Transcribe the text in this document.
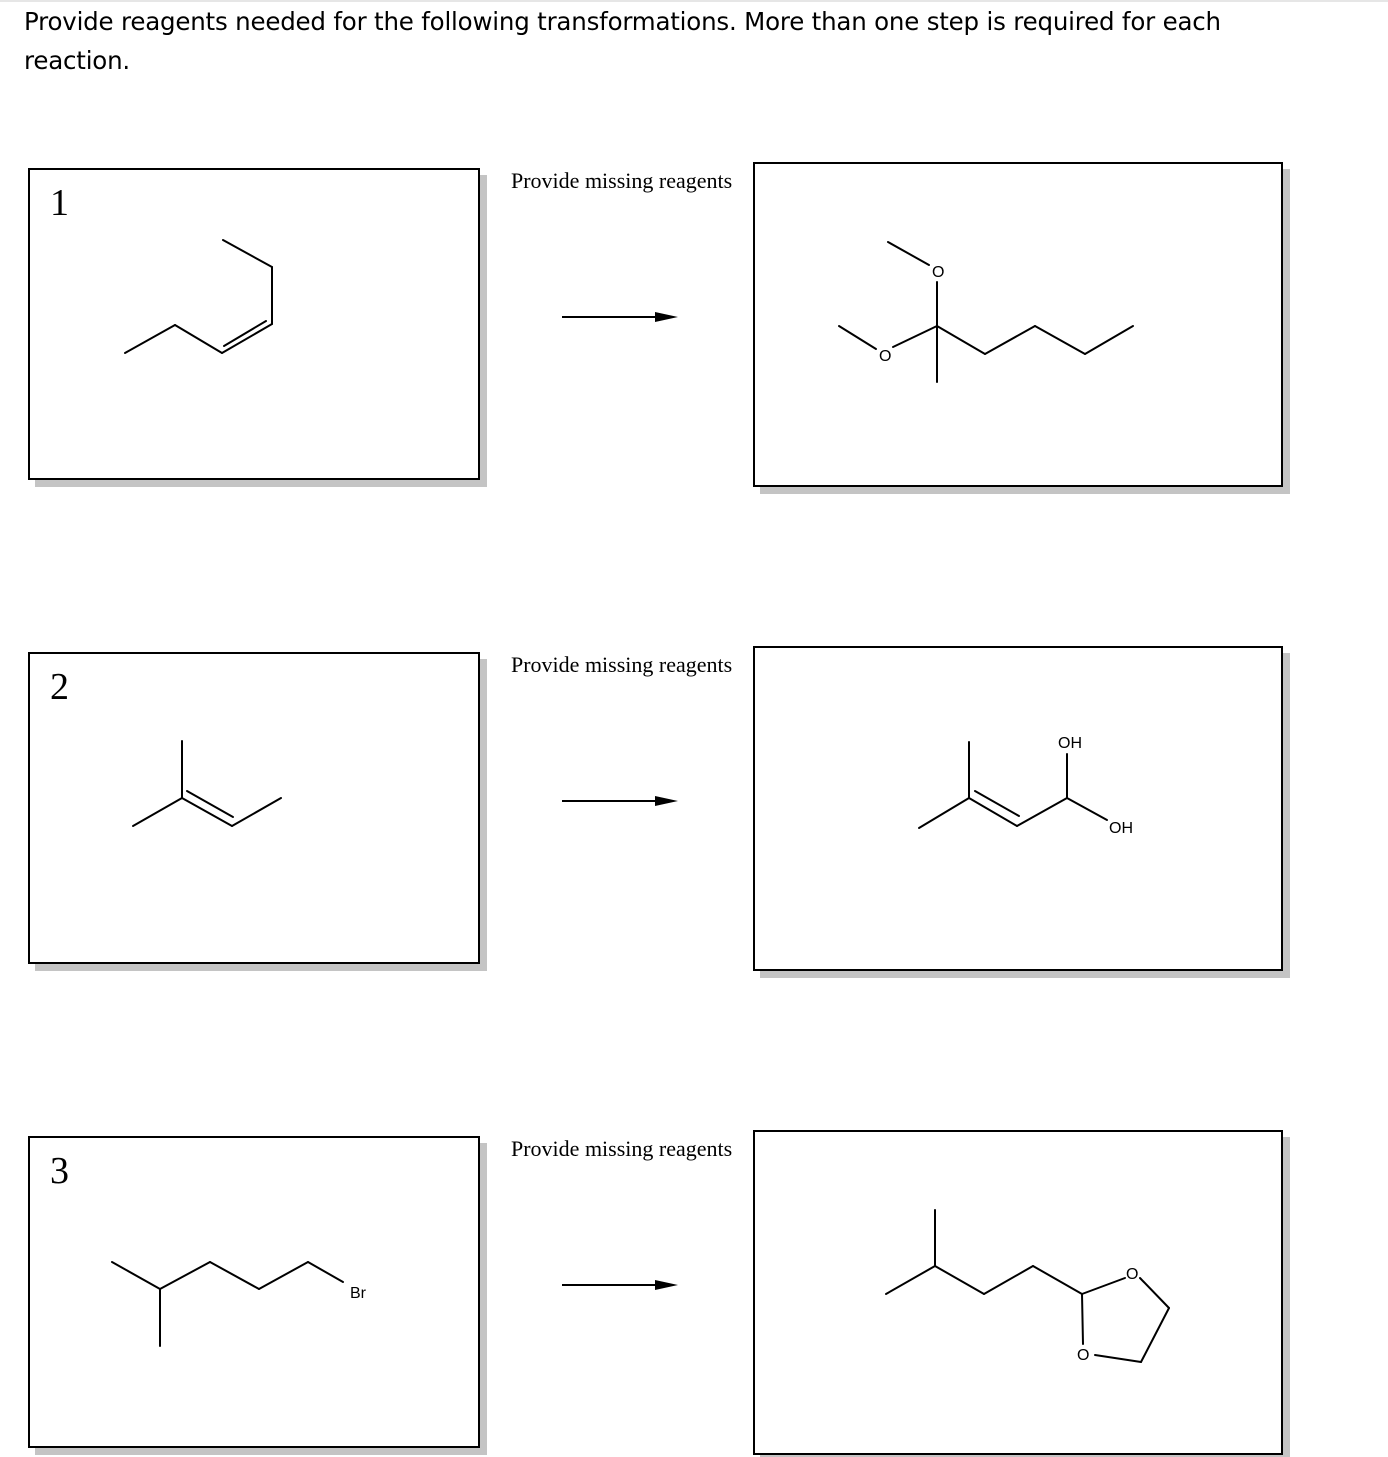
Provide reagents needed for the following transformations. More than one step is required for each reaction.

1
Provide missing reagents
O
O
2
Provide missing reagents
OH
OH
3
Br
Provide missing reagents
O
O
